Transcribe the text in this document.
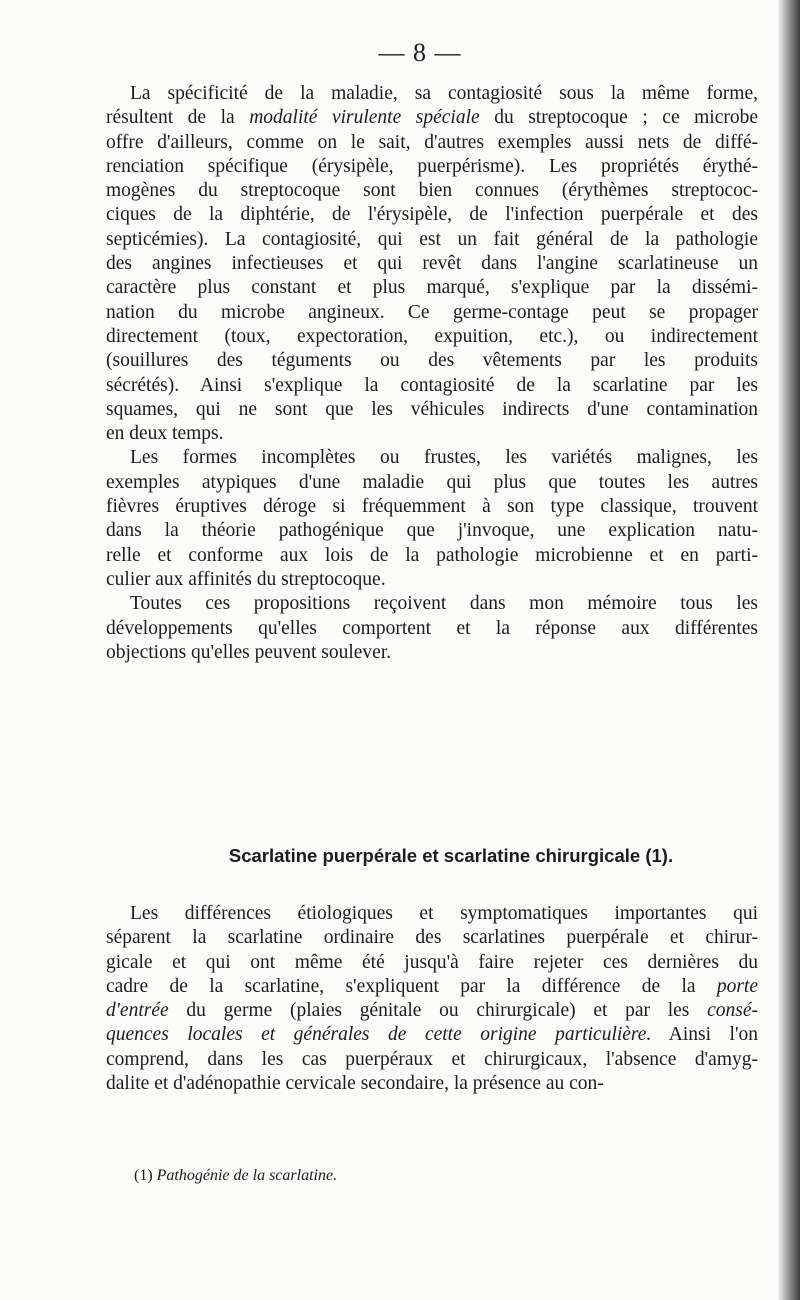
— 8 —
La spécificité de la maladie, sa contagiosité sous la même forme,
résultent de la modalité virulente spéciale du streptocoque ; ce microbe
offre d'ailleurs, comme on le sait, d'autres exemples aussi nets de diffé-
renciation spécifique (érysipèle, puerpérisme). Les propriétés érythé-
mogènes du streptocoque sont bien connues (érythèmes streptococ-
ciques de la diphtérie, de l'érysipèle, de l'infection puerpérale et des
septicémies). La contagiosité, qui est un fait général de la pathologie
des angines infectieuses et qui revêt dans l'angine scarlatineuse un
caractère plus constant et plus marqué, s'explique par la dissémi-
nation du microbe angineux. Ce germe-contage peut se propager
directement (toux, expectoration, expuition, etc.), ou indirectement
(souillures des téguments ou des vêtements par les produits
sécrétés). Ainsi s'explique la contagiosité de la scarlatine par les
squames, qui ne sont que les véhicules indirects d'une contamination
en deux temps.
Les formes incomplètes ou frustes, les variétés malignes, les
exemples atypiques d'une maladie qui plus que toutes les autres
fièvres éruptives déroge si fréquemment à son type classique, trouvent
dans la théorie pathogénique que j'invoque, une explication natu-
relle et conforme aux lois de la pathologie microbienne et en parti-
culier aux affinités du streptocoque.
Toutes ces propositions reçoivent dans mon mémoire tous les
développements qu'elles comportent et la réponse aux différentes
objections qu'elles peuvent soulever.
Scarlatine puerpérale et scarlatine chirurgicale (1).
Les différences étiologiques et symptomatiques importantes qui
séparent la scarlatine ordinaire des scarlatines puerpérale et chirur-
gicale et qui ont même été jusqu'à faire rejeter ces dernières du
cadre de la scarlatine, s'expliquent par la différence de la porte
d'entrée du germe (plaies génitale ou chirurgicale) et par les consé-
quences locales et générales de cette origine particulière. Ainsi l'on
comprend, dans les cas puerpéraux et chirurgicaux, l'absence d'amyg-
dalite et d'adénopathie cervicale secondaire, la présence au con-
(1) Pathogénie de la scarlatine.
